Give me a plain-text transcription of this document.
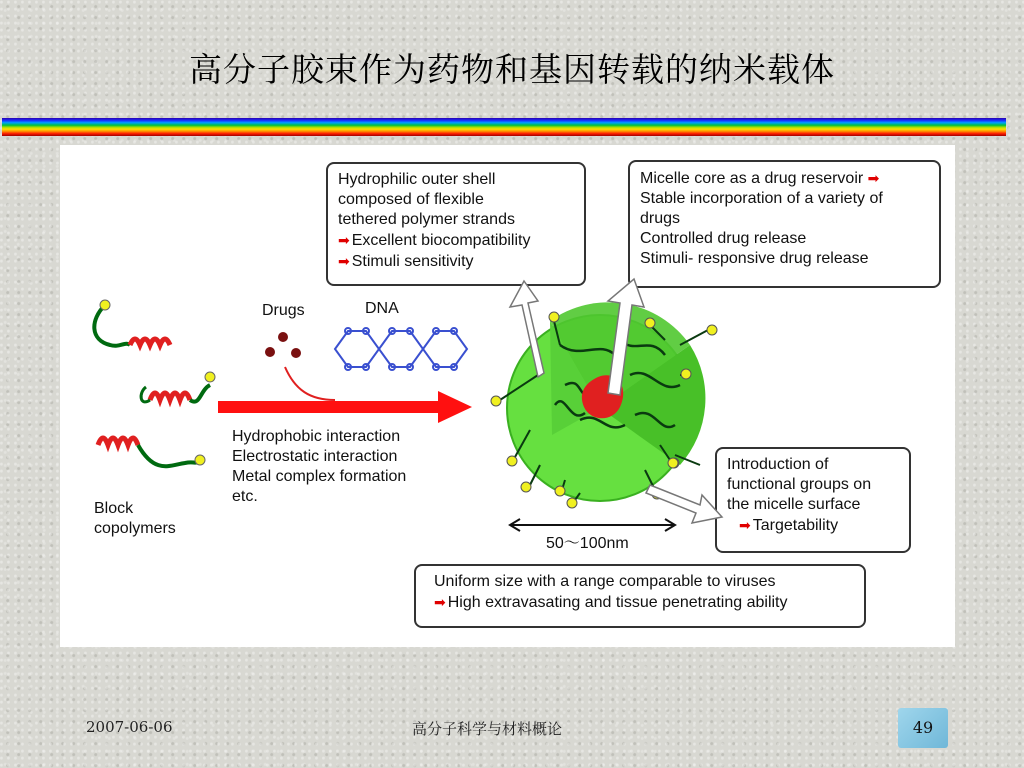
高分子胶束作为药物和基因转载的纳米载体
Hydrophilic outer shell
composed of flexible
tethered polymer strands
➡ Excellent biocompatibility
➡ Stimuli sensitivity
Micelle core as a drug reservoir ➡
Stable incorporation of a variety of
drugs
Controlled drug release
Stimuli- responsive drug release
Introduction of
functional groups on
the micelle surface
➡ Targetability
Uniform size with a range comparable to viruses
➡ High extravasating and tissue penetrating ability
Drugs	DNA
Hydrophobic interaction
Electrostatic interaction
Metal complex formation
etc.
Block
copolymers
50～100nm
2007-06-06	高分子科学与材料概论	49
